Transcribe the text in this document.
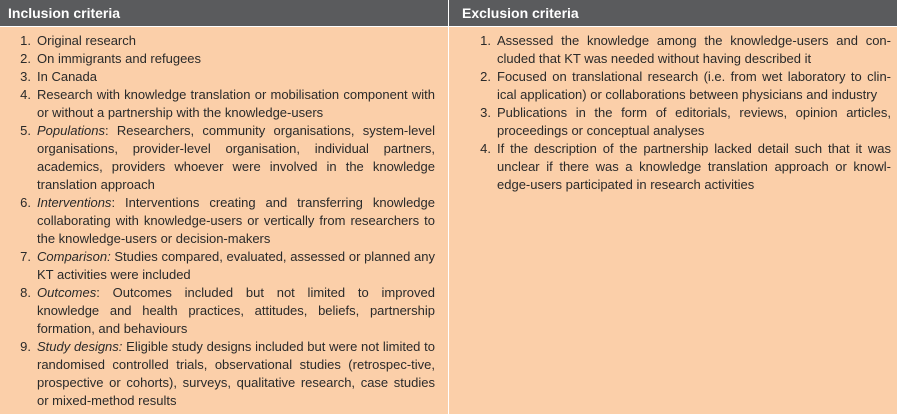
Inclusion criteria	Exclusion criteria
1. Original research
2. On immigrants and refugees
3. In Canada
4. Research with knowledge translation or mobilisation component with or without a partnership with the knowledge-users
5. Populations: Researchers, community organisations, system-level organisations, provider-level organisation, individual partners, academics, providers whoever were involved in the knowledge translation approach
6. Interventions: Interventions creating and transferring knowledge collaborating with knowledge-users or vertically from researchers to the knowledge-users or decision-makers
7. Comparison: Studies compared, evaluated, assessed or planned any KT activities were included
8. Outcomes: Outcomes included but not limited to improved knowledge and health practices, attitudes, beliefs, partnership formation, and behaviours
9. Study designs: Eligible study designs included but were not limited to randomised controlled trials, observational studies (retrospec-tive, prospective or cohorts), surveys, qualitative research, case studies or mixed-method results
1. Assessed the knowledge among the knowledge-users and con-cluded that KT was needed without having described it
2. Focused on translational research (i.e. from wet laboratory to clin-ical application) or collaborations between physicians and industry
3. Publications in the form of editorials, reviews, opinion articles, proceedings or conceptual analyses
4. If the description of the partnership lacked detail such that it was unclear if there was a knowledge translation approach or knowl-edge-users participated in research activities
